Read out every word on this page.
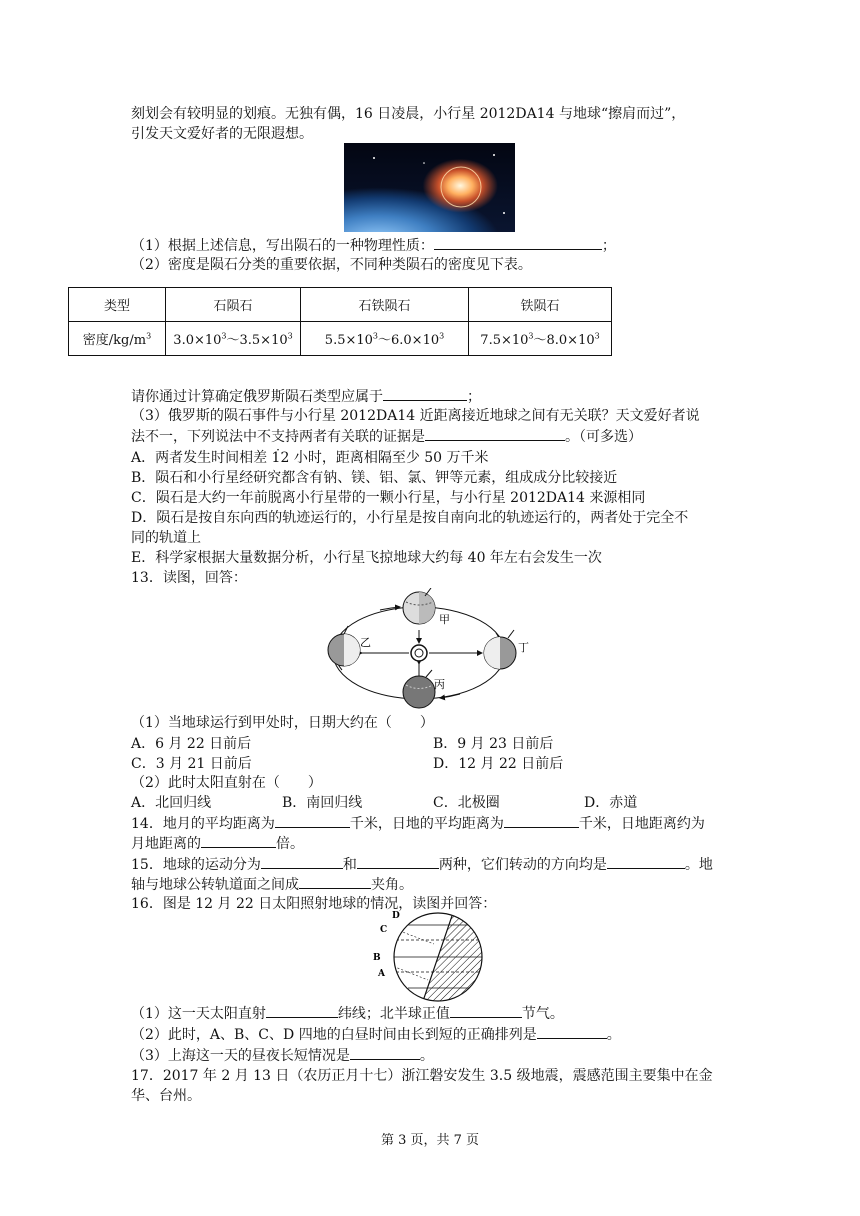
刻划会有较明显的划痕。无独有偶，16 日凌晨，小行星 2012DA14 与地球“擦肩而过”，
引发天文爱好者的无限遐想。
（1）根据上述信息，写出陨石的一种物理性质：	；
（2）密度是陨石分类的重要依据，不同种类陨石的密度见下表。
类型	石陨石	石铁陨石	铁陨石
密度$/kg/m^3$	$3.0\times 10^3\sim 3.5\times 10^3$	$5.5\times 10^3\sim 6.0\times 10^3$	$7.5\times 10^3\sim 8.0\times 10^3$
请你通过计算确定俄罗斯陨石类型应属于	；
（3）俄罗斯的陨石事件与小行星 2012DA14 近距离接近地球之间有无关联？天文爱好者说
法不一，下列说法中不支持两者有关联的证据是	。（可多选）
A．两者发生时间相差 12 小时，距离相隔至少 50 万千米
B．陨石和小行星经研究都含有钠、镁、铝、氯、钾等元素，组成成分比较接近
C．陨石是大约一年前脱离小行星带的一颗小行星，与小行星 2012DA14 来源相同
D．陨石是按自东向西的轨迹运行的，小行星是按自南向北的轨迹运行的，两者处于完全不
同的轨道上
E．科学家根据大量数据分析，小行星飞掠地球大约每 40 年左右会发生一次
13．读图，回答：
甲
乙
丙
丁
（1）当地球运行到甲处时，日期大约在（　　）
A．6 月 22 日前后	B．9 月 23 日前后
C．3 月 21 日前后	D．12 月 22 日前后
（2）此时太阳直射在（　　）
A．北回归线	B．南回归线	C．北极圈	D．赤道
14．地月的平均距离为	千米，日地的平均距离为	千米，日地距离约为
月地距离的	倍。
15．地球的运动分为	和	两种，它们转动的方向均是	。地
轴与地球公转轨道面之间成	夹角。
16．图是 12 月 22 日太阳照射地球的情况，读图并回答：
D
C
B
A
（1）这一天太阳直射	纬线；北半球正值	节气。
（2）此时，A、B、C、D 四地的白昼时间由长到短的正确排列是	。
（3）上海这一天的昼夜长短情况是	。
17．2017 年 2 月 13 日（农历正月十七）浙江磐安发生 3.5 级地震，震感范围主要集中在金
华、台州。
第 3 页，共 7 页
